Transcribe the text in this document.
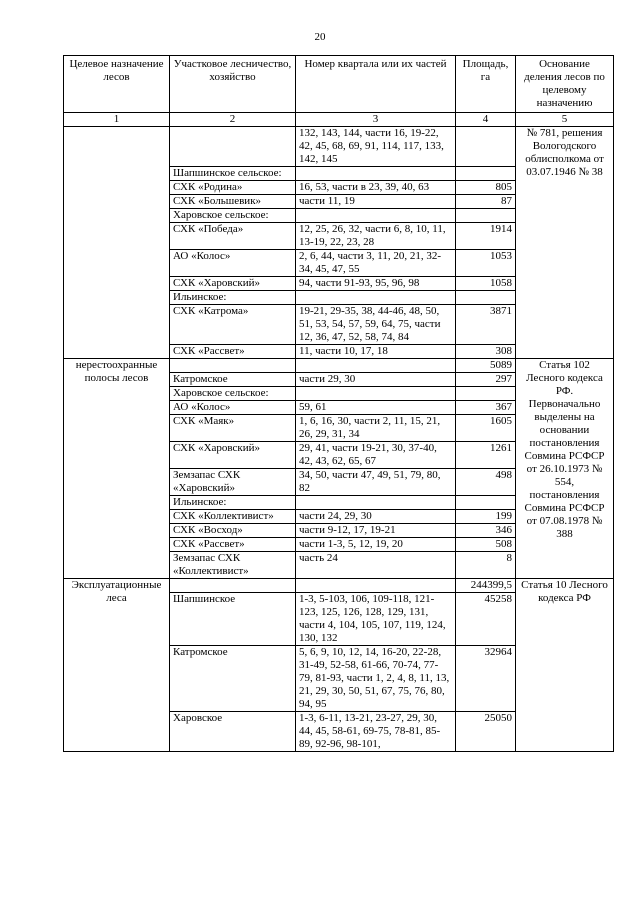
20
Целевое назначение лесов	Участковое лесничество, хозяйство	Номер квартала или их частей	Площадь, га	Основание деления лесов по целевому назначению
1	2	3	4	5
		132, 143, 144, части 16, 19-22, 42, 45, 68, 69, 91, 114, 117, 133, 142, 145		№ 781, решения Вологодского облисполкома от 03.07.1946 № 38
	Шапшинское сельское:			
	СХК «Родина»	16, 53, части в 23, 39, 40, 63	805	
	СХК «Большевик»	части 11, 19	87	
	Харовское сельское:			
	СХК «Победа»	12, 25, 26, 32, части 6, 8, 10, 11, 13-19, 22, 23, 28	1914	
	АО «Колос»	2, 6, 44, части 3, 11, 20, 21, 32-34, 45, 47, 55	1053	
	СХК «Харовский»	94, части 91-93, 95, 96, 98	1058	
	Ильинское:			
	СХК «Катрома»	19-21, 29-35, 38, 44-46, 48, 50, 51, 53, 54, 57, 59, 64, 75, части 12, 36, 47, 52, 58, 74, 84	3871	
	СХК «Рассвет»	11, части 10, 17, 18	308	
нерестоохранные полосы лесов			5089	Статья 102 Лесного кодекса РФ. Первоначально выделены на основании постановления Совмина РСФСР от 26.10.1973 № 554, постановления Совмина РСФСР от 07.08.1978 № 388
	Катромское	части 29, 30	297	
	Харовское сельское:			
	АО «Колос»	59, 61	367	
	СХК «Маяк»	1, 6, 16, 30, части 2, 11, 15, 21, 26, 29, 31, 34	1605	
	СХК «Харовский»	29, 41, части 19-21, 30, 37-40, 42, 43, 62, 65, 67	1261	
	Земзапас СХК «Харовский»	34, 50, части 47, 49, 51, 79, 80, 82	498	
	Ильинское:			
	СХК «Коллективист»	части 24, 29, 30	199	
	СХК «Восход»	части 9-12, 17, 19-21	346	
	СХК «Рассвет»	части 1-3, 5, 12, 19, 20	508	
	Земзапас СХК «Коллективист»	часть 24	8	
Эксплуатационные леса			244399,5	Статья 10 Лесного кодекса РФ
	Шапшинское	1-3, 5-103, 106, 109-118, 121-123, 125, 126, 128, 129, 131, части 4, 104, 105, 107, 119, 124, 130, 132	45258	
	Катромское	5, 6, 9, 10, 12, 14, 16-20, 22-28, 31-49, 52-58, 61-66, 70-74, 77-79, 81-93, части 1, 2, 4, 8, 11, 13, 21, 29, 30, 50, 51, 67, 75, 76, 80, 94, 95	32964	
	Харовское	1-3, 6-11, 13-21, 23-27, 29, 30, 44, 45, 58-61, 69-75, 78-81, 85-89, 92-96, 98-101,	25050	
